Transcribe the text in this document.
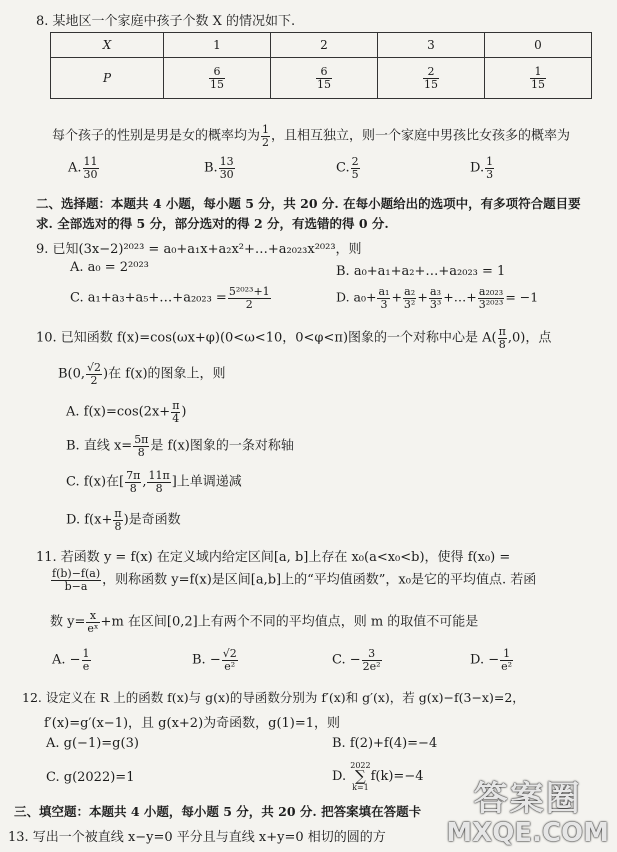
8. 某地区一个家庭中孩子个数 X 的情况如下.
X	1	2	3	0
P	$\frac{6}{15}$	$\frac{6}{15}$	$\frac{2}{15}$	$\frac{1}{15}$
每个孩子的性别是男是女的概率均为 $\frac{1}{2}$ ，且相互独立，则一个家庭中男孩比女孩多的概率为
A. $\frac{11}{30}$	B. $\frac{13}{30}$	C. $\frac{2}{5}$	D. $\frac{1}{3}$
二、选择题：本题共 4 小题，每小题 5 分，共 20 分. 在每小题给出的选项中，有多项符合题目要
求. 全部选对的得 5 分，部分选对的得 2 分，有选错的得 0 分.
9. 已知(3x−2)²⁰²³ = a₀+a₁x+a₂x²+…+a₂₀₂₃x²⁰²³，则
A. a₀ = 2²⁰²³	B. a₀+a₁+a₂+…+a₂₀₂₃ = 1
C. a₁+a₃+a₅+…+a₂₀₂₃ = $\frac{\text{5²⁰²³+1}}{2}$	D. $a_0+ \frac{\text{a₁}}{3} + \frac{\text{a₂}}{\text{3²}} + \frac{\text{a₃}}{\text{3³}}$ +…+ $\frac{\text{a₂₀₂₃}}{\text{3²⁰²³}} = -1$
10. 已知函数 f(x)=cos(ωx+φ)(0<ω<10，0<φ<π)图象的一个对称中心是 $A( \frac{\pi}{8} ,0)$，点
B(0, $\frac{√2}{2}$ )在 f(x)的图象上，则
A. $f(x)=\cos(2x+ \frac{\pi}{4}$ )
B. 直线 $x= \frac{5\pi}{8}$ 是 f(x)图象的一条对称轴
C. f(x)在[ $\frac{7\pi}{8}$ , $\frac{11\pi}{8}$ ]上单调递减
D. $f(x+ \frac{\pi}{8}$ )是奇函数
11. 若函数 y = f(x) 在定义域内给定区间[a, b]上存在 x₀(a<x₀<b)，使得 f(x₀) =
$\frac{f(b)-f(a)}{b-a}$ ，则称函数 y=f(x)是区间[a,b]上的“平均值函数”，x₀是它的平均值点. 若函
数 $y= \frac{x}{\text{eˣ}} +m$ 在区间[0,2]上有两个不同的平均值点，则 m 的取值不可能是
A. − $\frac{1}{e}$	B. − $\frac{√2}{\text{e²}}$	C. − $\frac{3}{\text{2e²}}$	D. − $\frac{1}{\text{e²}}$
12. 设定义在 R 上的函数 f(x)与 g(x)的导函数分别为 f′(x)和 g′(x)，若 g(x)−f(3−x)=2，
f′(x)=g′(x−1)，且 g(x+2)为奇函数，g(1)=1，则
A. g(−1)=g(3)	B. f(2)+f(4)=−4
C. g(2022)=1	D.
2022
∑
k=1
f(k)=−4
三、填空题：本题共 4 小题，每小题 5 分，共 20 分. 把答案填在答题卡
13. 写出一个被直线 x−y=0 平分且与直线 x+y=0 相切的圆的方
答案圈
MXQE.COM
